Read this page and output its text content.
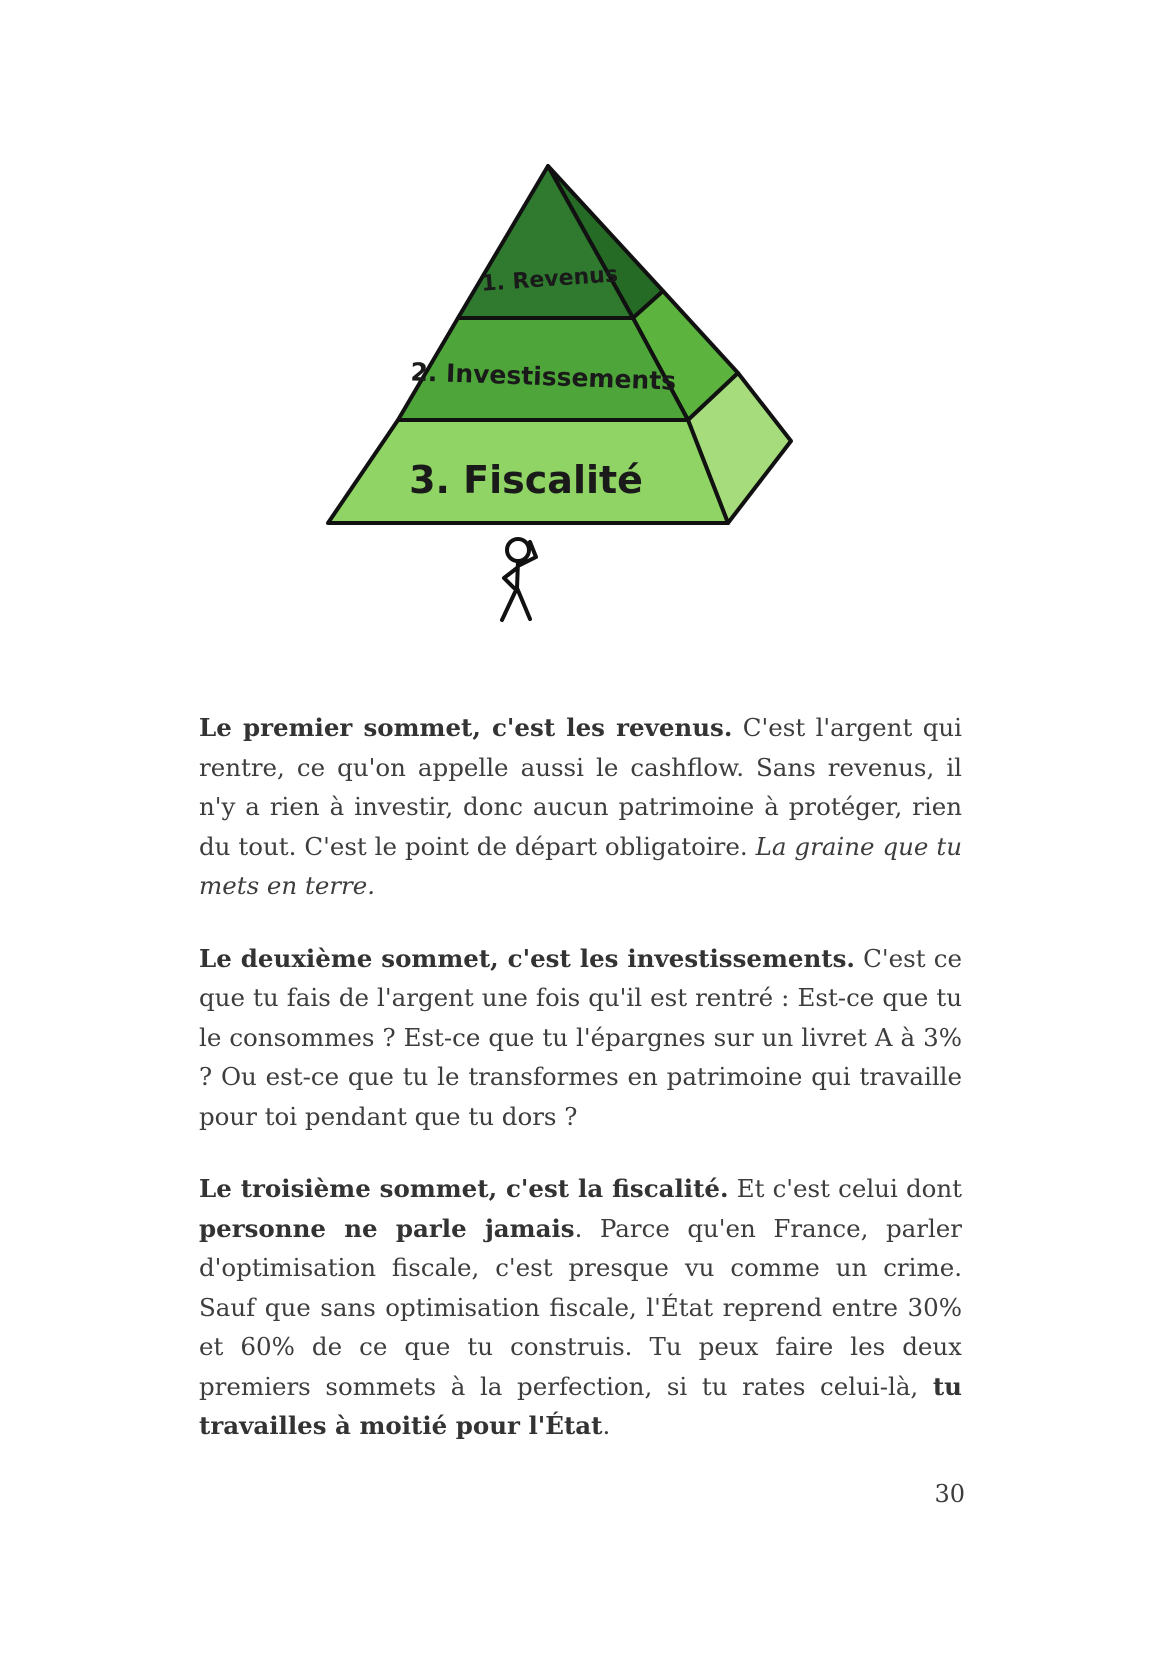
1. Revenus
2. Investissements
3. Fiscalité

Le premier sommet, c'est les revenus. C'est l'argent qui rentre, ce qu'on appelle aussi le cashflow. Sans revenus, il n'y a rien à investir, donc aucun patrimoine à protéger, rien du tout. C'est le point de départ obligatoire. La graine que tu mets en terre.

Le deuxième sommet, c'est les investissements. C'est ce que tu fais de l'argent une fois qu'il est rentré : Est-ce que tu le consommes ? Est-ce que tu l'épargnes sur un livret A à 3% ? Ou est-ce que tu le transformes en patrimoine qui travaille pour toi pendant que tu dors ?

Le troisième sommet, c'est la fiscalité. Et c'est celui dont personne ne parle jamais. Parce qu'en France, parler d'optimisation fiscale, c'est presque vu comme un crime. Sauf que sans optimisation fiscale, l'État reprend entre 30% et 60% de ce que tu construis. Tu peux faire les deux premiers sommets à la perfection, si tu rates celui-là, tu travailles à moitié pour l'État.

30
